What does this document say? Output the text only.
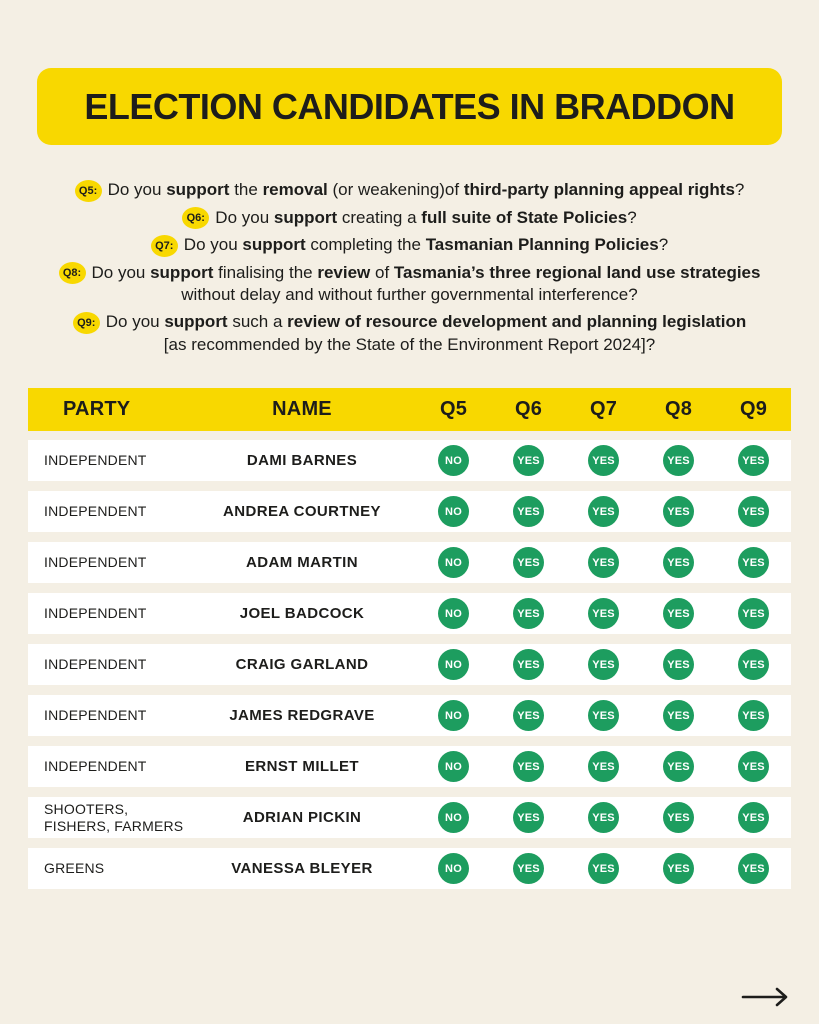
ELECTION CANDIDATES IN BRADDON
Q5: Do you support the removal (or weakening)of third-party planning appeal rights?
Q6: Do you support creating a full suite of State Policies?
Q7: Do you support completing the Tasmanian Planning Policies?
Q8: Do you support finalising the review of Tasmania’s three regional land use strategies
without delay and without further governmental interference?
Q9: Do you support such a review of resource development and planning legislation
[as recommended by the State of the Environment Report 2024]?
PARTY	NAME	Q5	Q6	Q7	Q8	Q9
INDEPENDENT	DAMI BARNES	NO	YES	YES	YES	YES
INDEPENDENT	ANDREA COURTNEY	NO	YES	YES	YES	YES
INDEPENDENT	ADAM MARTIN	NO	YES	YES	YES	YES
INDEPENDENT	JOEL BADCOCK	NO	YES	YES	YES	YES
INDEPENDENT	CRAIG GARLAND	NO	YES	YES	YES	YES
INDEPENDENT	JAMES REDGRAVE	NO	YES	YES	YES	YES
INDEPENDENT	ERNST MILLET	NO	YES	YES	YES	YES
SHOOTERS, FISHERS, FARMERS	ADRIAN PICKIN	NO	YES	YES	YES	YES
GREENS	VANESSA BLEYER	NO	YES	YES	YES	YES
